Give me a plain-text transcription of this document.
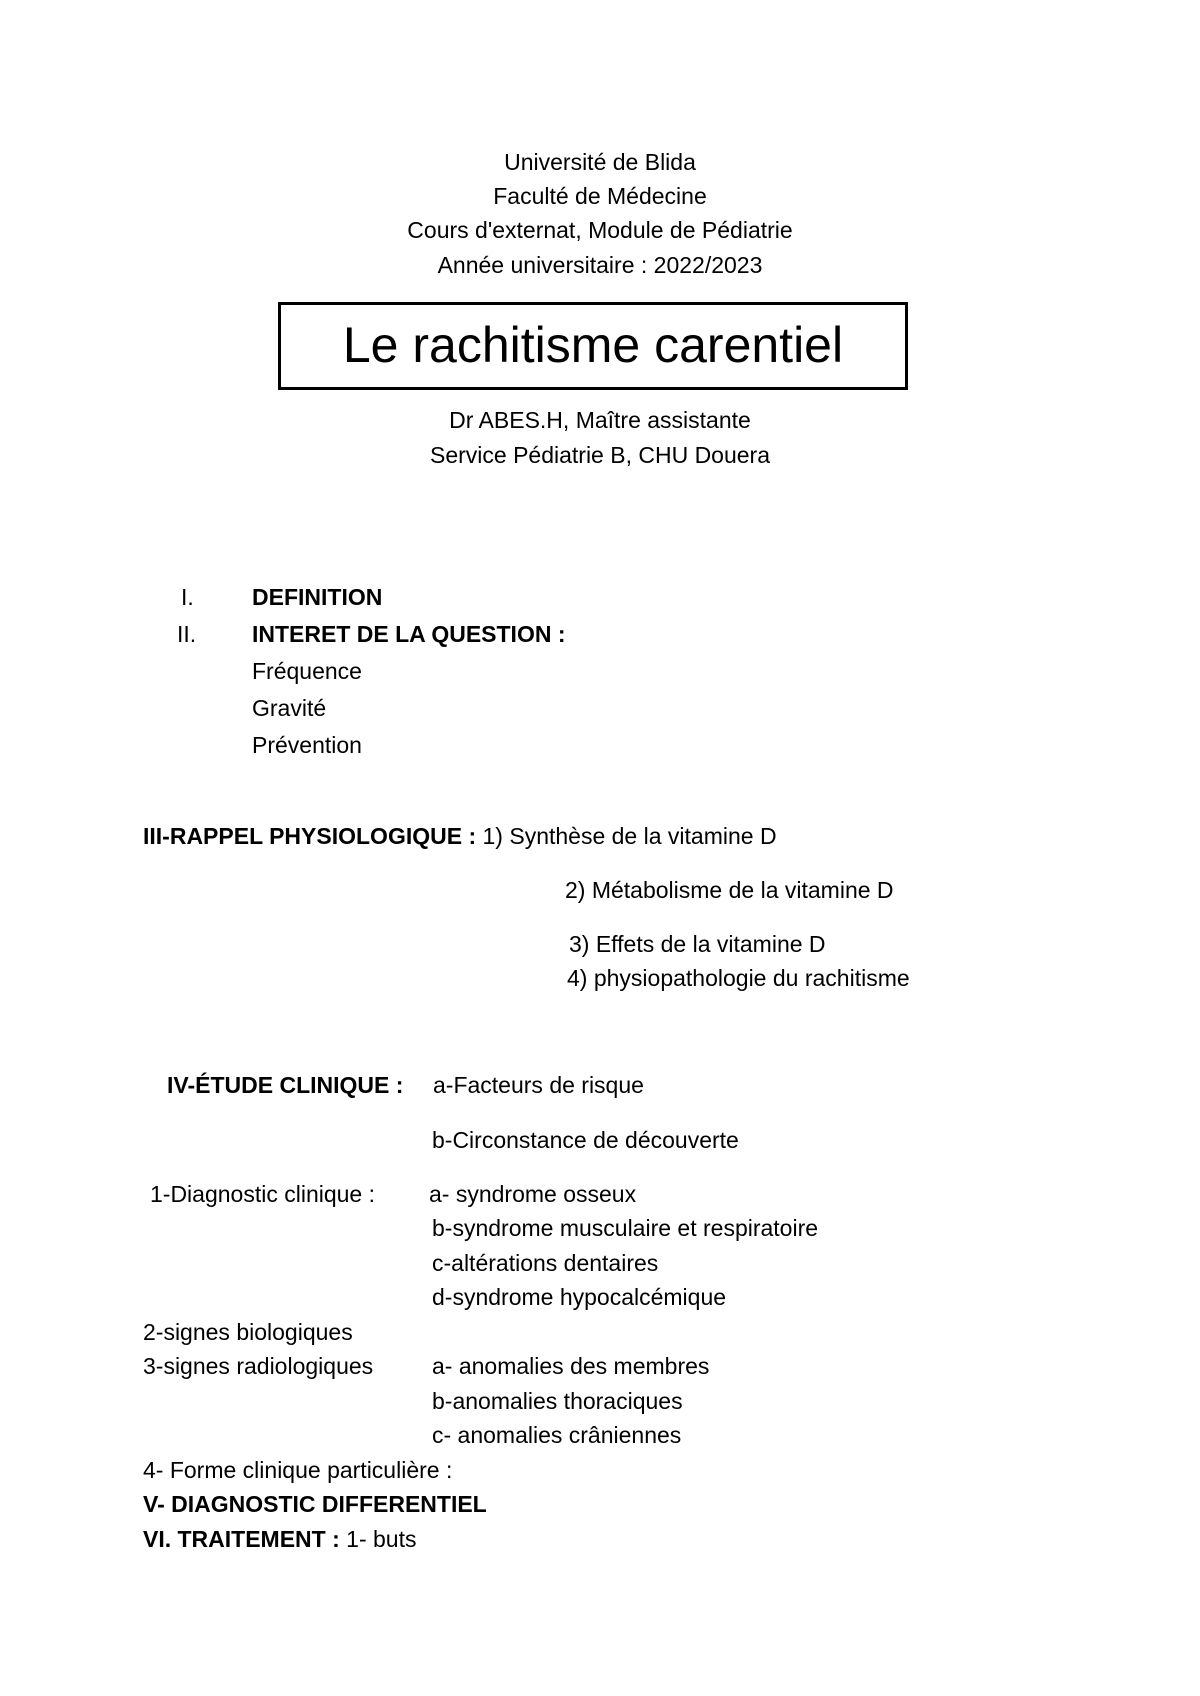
Université de Blida
Faculté de Médecine
Cours d'externat, Module de Pédiatrie
Année universitaire : 2022/2023
Le rachitisme carentiel
Dr ABES.H, Maître assistante
Service Pédiatrie B, CHU Douera
I.	DEFINITION
II. INTERET DE LA QUESTION :
Fréquence
Gravité
Prévention
III-RAPPEL PHYSIOLOGIQUE : 1) Synthèse de la vitamine D
2) Métabolisme de la vitamine D
3) Effets de la vitamine D
4) physiopathologie du rachitisme
IV-ÉTUDE CLINIQUE : a-Facteurs de risque
b-Circonstance de découverte
1-Diagnostic clinique : a- syndrome osseux
b-syndrome musculaire et respiratoire
c-altérations dentaires
d-syndrome hypocalcémique
2-signes biologiques
3-signes radiologiques	a- anomalies des membres
b-anomalies thoraciques
c- anomalies crâniennes
4- Forme clinique particulière :
V- DIAGNOSTIC DIFFERENTIEL
VI. TRAITEMENT : 1- buts
